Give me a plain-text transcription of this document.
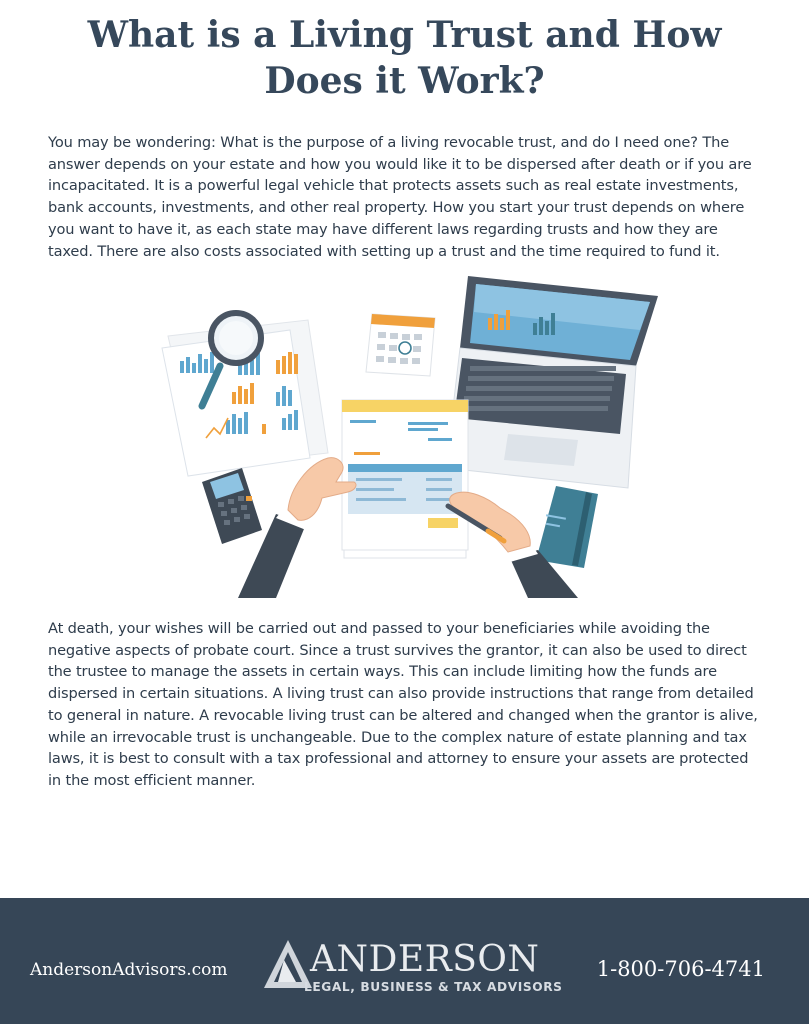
What is a Living Trust and How
Does it Work?

You may be wondering: What is the purpose of a living revocable trust, and do I need one? The answer depends on your estate and how you would like it to be dispersed after death or if you are incapacitated. It is a powerful legal vehicle that protects assets such as real estate investments, bank accounts, investments, and other real property. How you start your trust depends on where you want to have it, as each state may have different laws regarding trusts and how they are taxed. There are also costs associated with setting up a trust and the time required to fund it.

At death, your wishes will be carried out and passed to your beneficiaries while avoiding the negative aspects of probate court. Since a trust survives the grantor, it can also be used to direct the trustee to manage the assets in certain ways. This can include limiting how the funds are dispersed in certain situations. A living trust can also provide instructions that range from detailed to general in nature. A revocable living trust can be altered and changed when the grantor is alive, while an irrevocable trust is unchangeable. Due to the complex nature of estate planning and tax laws, it is best to consult with a tax professional and attorney to ensure your assets are protected in the most efficient manner.

AndersonAdvisors.com ANDERSON
LEGAL, BUSINESS & TAX ADVISORS
1-800-706-4741
